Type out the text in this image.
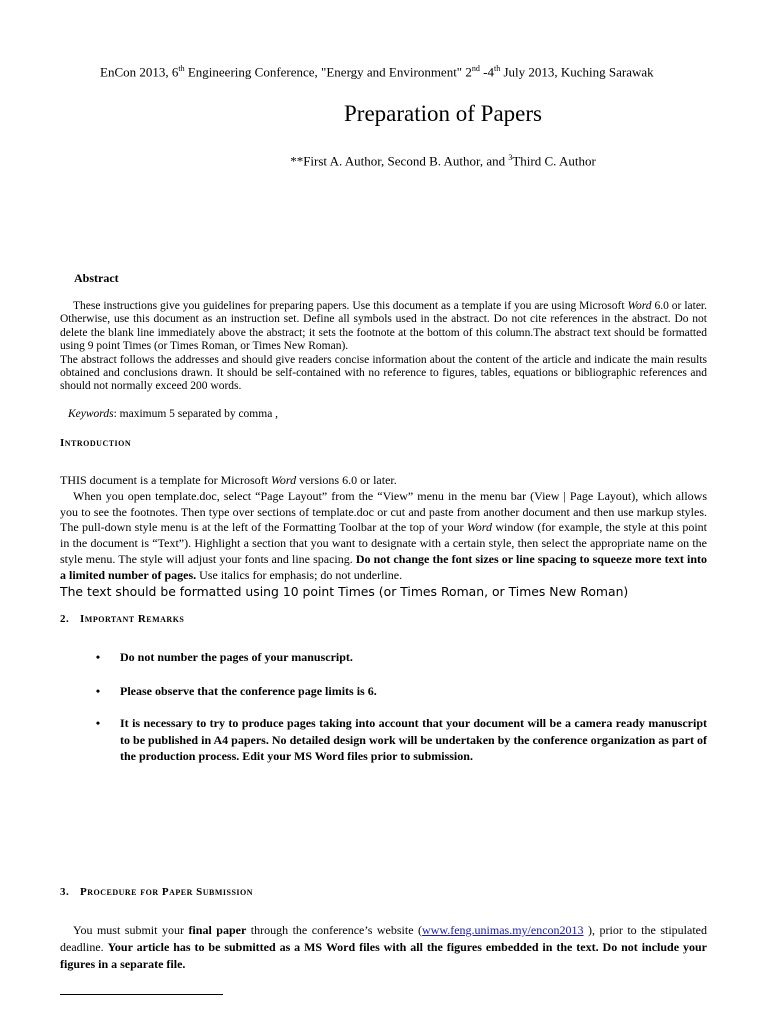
EnCon 2013, 6th Engineering Conference, "Energy and Environment" 2nd -4th July 2013, Kuching Sarawak
Preparation of Papers
**First A. Author, Second B. Author, and $^3$Third C. Author
Abstract

These instructions give you guidelines for preparing papers. Use this document as a template if you are using Microsoft Word 6.0 or later. Otherwise, use this document as an instruction set. Define all symbols used in the abstract. Do not cite references in the abstract. Do not delete the blank line immediately above the abstract; it sets the footnote at the bottom of this column.The abstract text should be formatted using 9 point Times (or Times Roman, or Times New Roman).

The abstract follows the addresses and should give readers concise information about the content of the article and indicate the main results obtained and conclusions drawn. It should be self-contained with no reference to figures, tables, equations or bibliographic references and should not normally exceed 200 words.

Keywords: maximum 5 separated by comma ,
Introduction

THIS document is a template for Microsoft Word versions 6.0 or later.

When you open template.doc, select “Page Layout” from the “View” menu in the menu bar (View | Page Layout), which allows you to see the footnotes. Then type over sections of template.doc or cut and paste from another document and then use markup styles. The pull-down style menu is at the left of the Formatting Toolbar at the top of your Word window (for example, the style at this point in the document is “Text”). Highlight a section that you want to designate with a certain style, then select the appropriate name on the style menu. The style will adjust your fonts and line spacing. Do not change the font sizes or line spacing to squeeze more text into a limited number of pages. Use italics for emphasis; do not underline.

The text should be formatted using 10 point Times (or Times Roman, or Times New Roman)

2. Important Remarks
• Do not number the pages of your manuscript.
• Please observe that the conference page limits is 6.
• It is necessary to try to produce pages taking into account that your document will be a camera ready manuscript to be published in A4 papers. No detailed design work will be undertaken by the conference organization as part of the production process. Edit your MS Word files prior to submission.
3. Procedure for Paper Submission

You must submit your final paper through the conference’s website (www.feng.unimas.my/encon2013 ), prior to the stipulated deadline. Your article has to be submitted as a MS Word files with all the figures embedded in the text. Do not include your figures in a separate file.
